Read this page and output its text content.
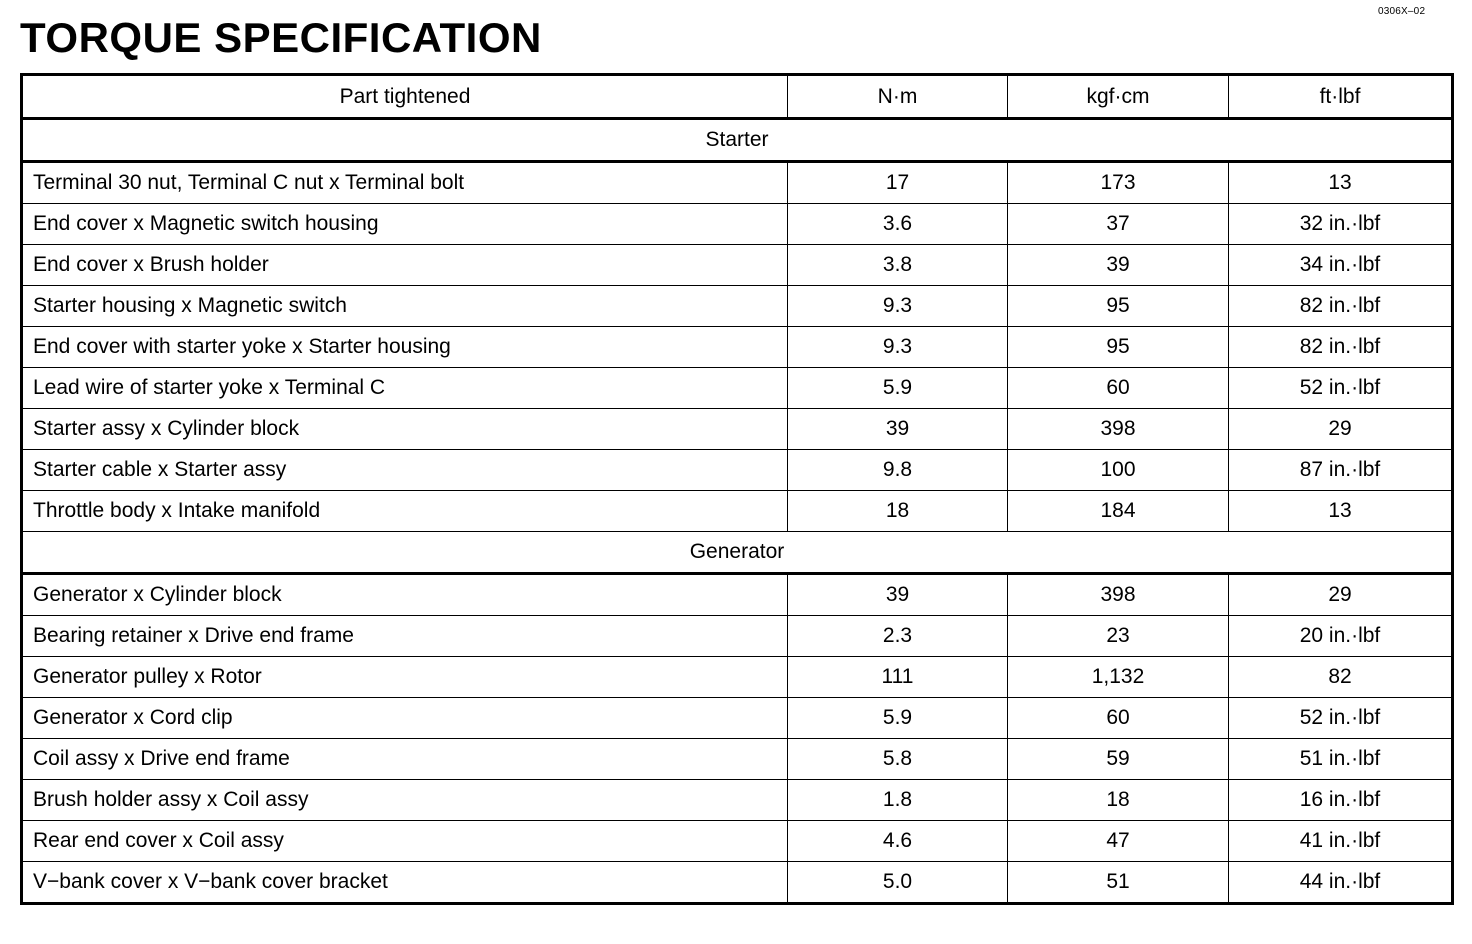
0306X–02
TORQUE SPECIFICATION
Part tightened	N·m	kgf·cm	ft·lbf
Starter			
Terminal 30 nut, Terminal C nut x Terminal bolt	17	173	13
End cover x Magnetic switch housing	3.6	37	32 in.·lbf
End cover x Brush holder	3.8	39	34 in.·lbf
Starter housing x Magnetic switch	9.3	95	82 in.·lbf
End cover with starter yoke x Starter housing	9.3	95	82 in.·lbf
Lead wire of starter yoke x Terminal C	5.9	60	52 in.·lbf
Starter assy x Cylinder block	39	398	29
Starter cable x Starter assy	9.8	100	87 in.·lbf
Throttle body x Intake manifold	18	184	13
Generator			
Generator x Cylinder block	39	398	29
Bearing retainer x Drive end frame	2.3	23	20 in.·lbf
Generator pulley x Rotor	111	1,132	82
Generator x Cord clip	5.9	60	52 in.·lbf
Coil assy x Drive end frame	5.8	59	51 in.·lbf
Brush holder assy x Coil assy	1.8	18	16 in.·lbf
Rear end cover x Coil assy	4.6	47	41 in.·lbf
V−bank cover x V−bank cover bracket	5.0	51	44 in.·lbf
